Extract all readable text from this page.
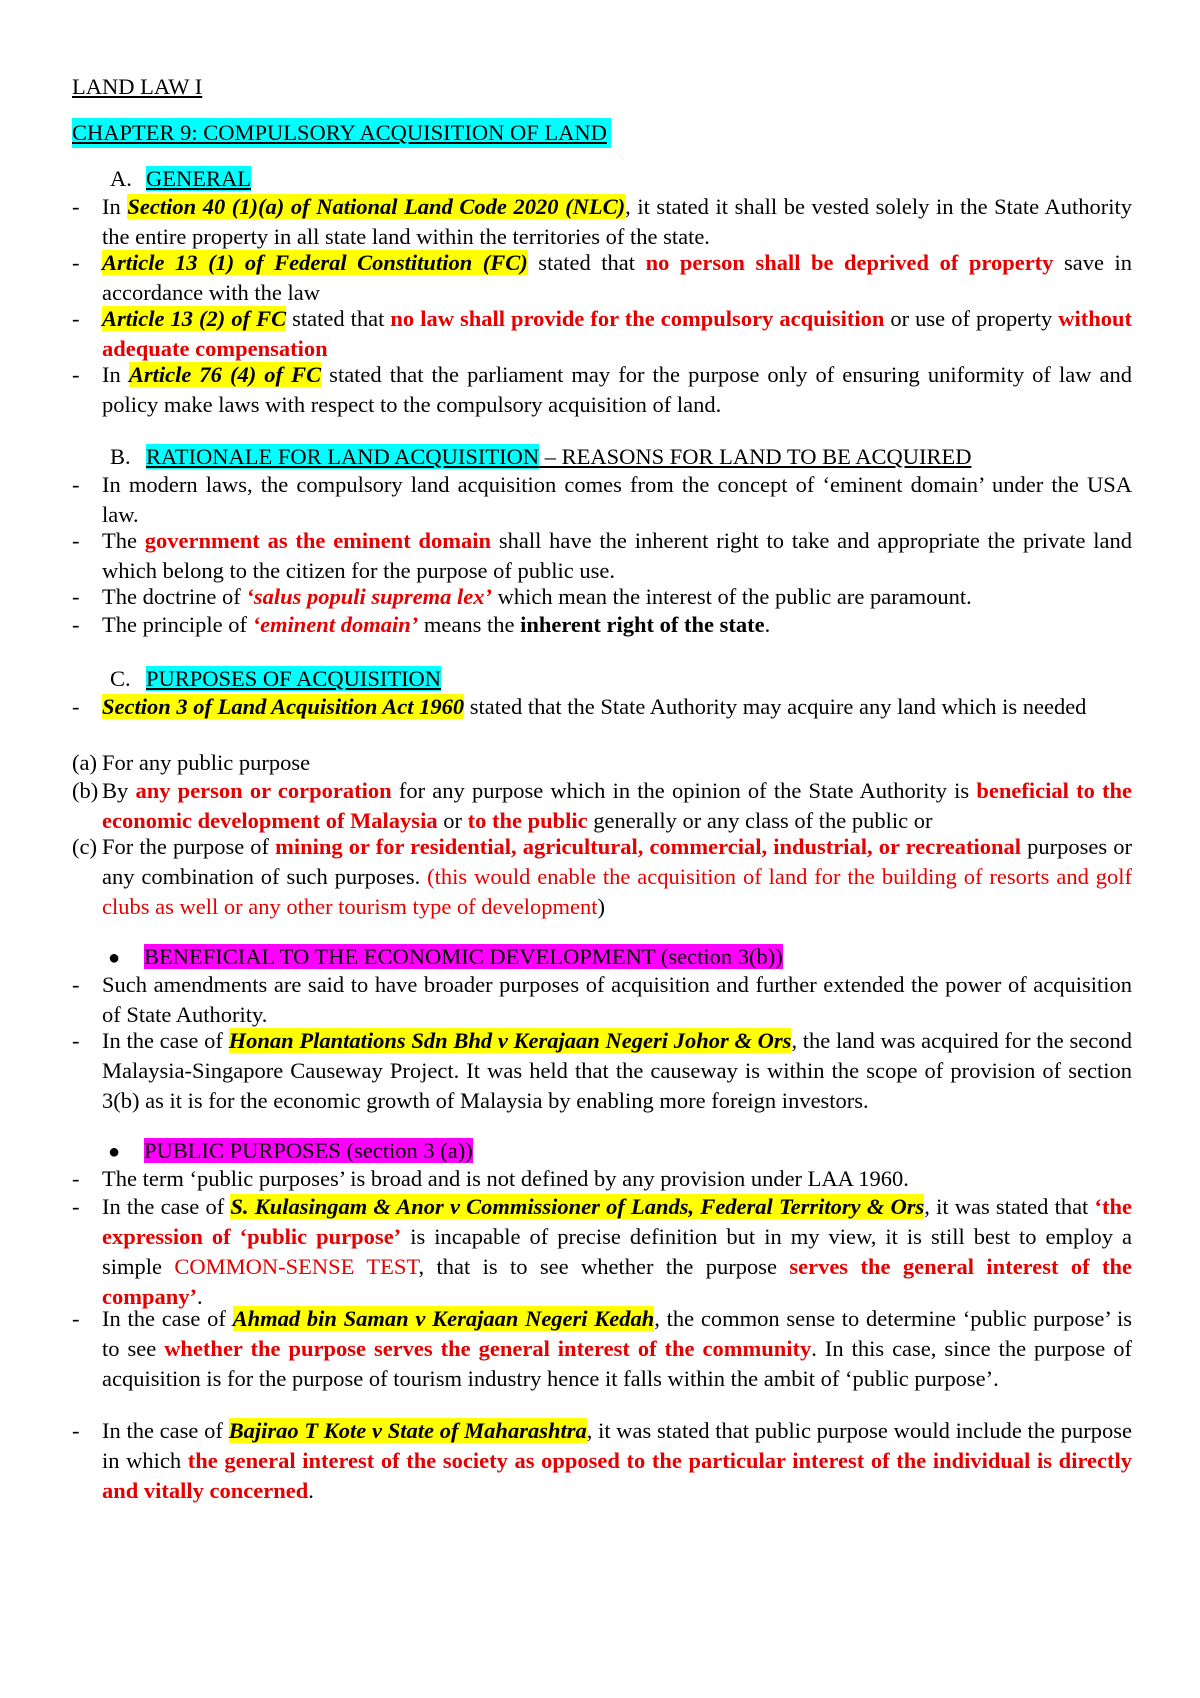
LAND LAW I
CHAPTER 9: COMPULSORY ACQUISITION OF LAND
A. GENERAL
-	In Section 40 (1)(a) of National Land Code 2020 (NLC), it stated it shall be vested solely in the State Authority the entire property in all state land within the territories of the state.
-	Article 13 (1) of Federal Constitution (FC) stated that no person shall be deprived of property save in accordance with the law
-	Article 13 (2) of FC stated that no law shall provide for the compulsory acquisition or use of property without adequate compensation
-	In Article 76 (4) of FC stated that the parliament may for the purpose only of ensuring uniformity of law and policy make laws with respect to the compulsory acquisition of land.
B. RATIONALE FOR LAND ACQUISITION – REASONS FOR LAND TO BE ACQUIRED
-	In modern laws, the compulsory land acquisition comes from the concept of ‘eminent domain’ under the USA law.
-	The government as the eminent domain shall have the inherent right to take and appropriate the private land which belong to the citizen for the purpose of public use.
-	The doctrine of ‘salus populi suprema lex’ which mean the interest of the public are paramount.
-	The principle of ‘eminent domain’ means the inherent right of the state.
C. PURPOSES OF ACQUISITION
-	Section 3 of Land Acquisition Act 1960 stated that the State Authority may acquire any land which is needed
(a) For any public purpose
(b) By any person or corporation for any purpose which in the opinion of the State Authority is beneficial to the economic development of Malaysia or to the public generally or any class of the public or
(c) For the purpose of mining or for residential, agricultural, commercial, industrial, or recreational purposes or any combination of such purposes. (this would enable the acquisition of land for the building of resorts and golf clubs as well or any other tourism type of development)
● BENEFICIAL TO THE ECONOMIC DEVELOPMENT (section 3(b))
-	Such amendments are said to have broader purposes of acquisition and further extended the power of acquisition of State Authority.
-	In the case of Honan Plantations Sdn Bhd v Kerajaan Negeri Johor & Ors, the land was acquired for the second Malaysia-Singapore Causeway Project. It was held that the causeway is within the scope of provision of section 3(b) as it is for the economic growth of Malaysia by enabling more foreign investors.
● PUBLIC PURPOSES (section 3 (a))
-	The term ‘public purposes’ is broad and is not defined by any provision under LAA 1960.
-	In the case of S. Kulasingam & Anor v Commissioner of Lands, Federal Territory & Ors, it was stated that ‘the expression of ‘public purpose’ is incapable of precise definition but in my view, it is still best to employ a simple COMMON-SENSE TEST, that is to see whether the purpose serves the general interest of the company’.
-	In the case of Ahmad bin Saman v Kerajaan Negeri Kedah, the common sense to determine ‘public purpose’ is to see whether the purpose serves the general interest of the community. In this case, since the purpose of acquisition is for the purpose of tourism industry hence it falls within the ambit of ‘public purpose’.
-	In the case of Bajirao T Kote v State of Maharashtra, it was stated that public purpose would include the purpose in which the general interest of the society as opposed to the particular interest of the individual is directly and vitally concerned.
